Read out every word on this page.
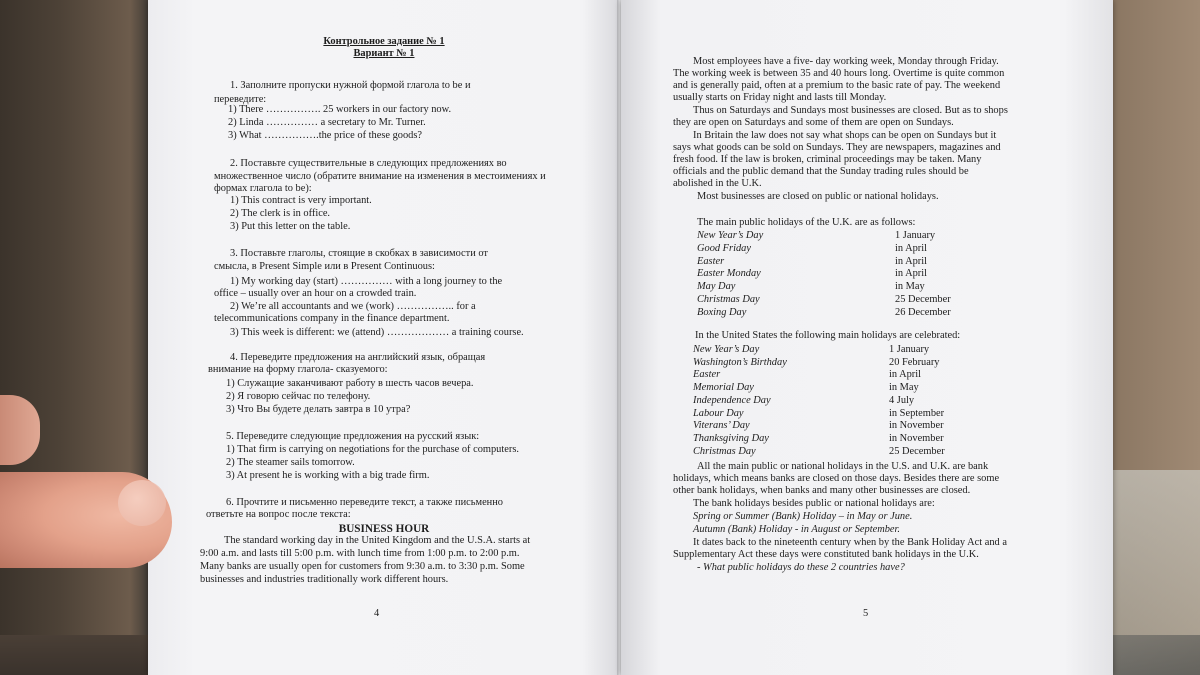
Контрольное задание № 1
Вариант № 1
1. Заполните пропуски нужной формой глагола to be и
переведите:
1) There ……………. 25 workers in our factory now.
2) Linda …………… a secretary to Mr. Turner.
3) What …………….the price of these goods?
2. Поставьте существительные в следующих предложениях во
множественное число (обратите внимание на изменения в местоимениях и
формах глагола to be):
1) This contract is very important.
2) The clerk is in office.
3) Put this letter on the table.
3. Поставьте глаголы, стоящие в скобках в зависимости от
смысла, в Present Simple или в Present Continuous:
1) My working day (start) …………… with a long journey to the
office – usually over an hour on a crowded train.
2) We’re all accountants and we (work) …………….. for a
telecommunications company in the finance department.
3) This week is different: we (attend) ……………… a training course.
4. Переведите предложения на английский язык, обращая
внимание на форму глагола- сказуемого:
1) Служащие заканчивают работу в шесть часов вечера.
2) Я говорю сейчас по телефону.
3) Что Вы будете делать завтра в 10 утра?
5. Переведите следующие предложения на русский язык:
1) That firm is carrying on negotiations for the purchase of computers.
2) The steamer sails tomorrow.
3) At present he is working with a big trade firm.
6. Прочтите и письменно переведите текст, а также письменно
ответьте на вопрос после текста:
BUSINESS HOUR
The standard working day in the United Kingdom and the U.S.A. starts at
9:00 a.m. and lasts till 5:00 p.m. with lunch time from 1:00 p.m. to 2:00 p.m.
Many banks are usually open for customers from 9:30 a.m. to 3:30 p.m. Some
businesses and industries traditionally work different hours.
4
Most employees have a five- day working week, Monday through Friday.
The working week is between 35 and 40 hours long. Overtime is quite common
and is generally paid, often at a premium to the basic rate of pay. The weekend
usually starts on Friday night and lasts till Monday.
Thus on Saturdays and Sundays most businesses are closed. But as to shops
they are open on Saturdays and some of them are open on Sundays.
In Britain the law does not say what shops can be open on Sundays but it
says what goods can be sold on Sundays. They are newspapers, magazines and
fresh food. If the law is broken, criminal proceedings may be taken. Many
officials and the public demand that the Sunday trading rules should be
abolished in the U.K.
Most businesses are closed on public or national holidays.
The main public holidays of the U.K. are as follows:
New Year’s Day	1 January
Good Friday	in April
Easter	in April
Easter Monday	in April
May Day	in May
Christmas Day	25 December
Boxing Day	26 December
In the United States the following main holidays are celebrated:
New Year’s Day	1 January
Washington’s Birthday	20 February
Easter	in April
Memorial Day	in May
Independence Day	4 July
Labour Day	in September
Viterans’ Day	in November
Thanksgiving Day	in November
Christmas Day	25 December
All the main public or national holidays in the U.S. and U.K. are bank
holidays, which means banks are closed on those days. Besides there are some
other bank holidays, when banks and many other businesses are closed.
The bank holidays besides public or national holidays are:
Spring or Summer (Bank) Holiday – in May or June.
Autumn (Bank) Holiday - in August or September.
It dates back to the nineteenth century when by the Bank Holiday Act and a
Supplementary Act these days were constituted bank holidays in the U.K.
- What public holidays do these 2 countries have?
5
